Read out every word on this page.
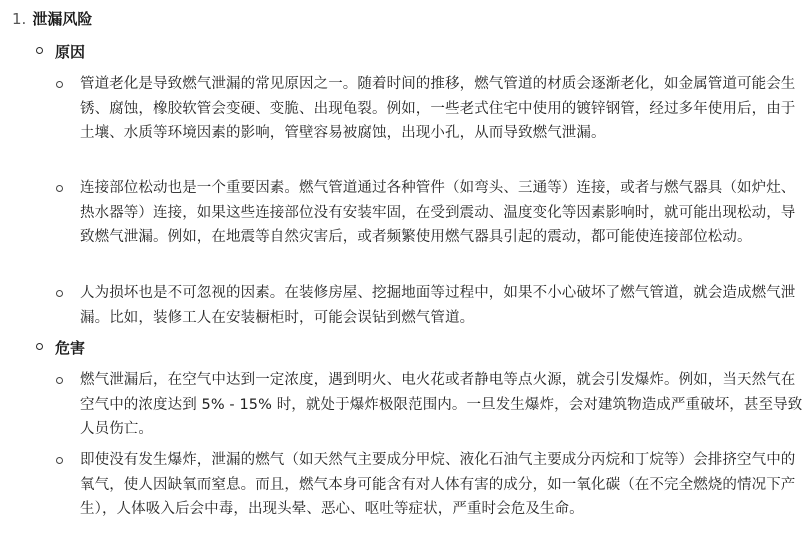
1. 泄漏风险
原因
管道老化是导致燃气泄漏的常见原因之一。随着时间的推移，燃气管道的材质会逐渐老化，如金属管道可能会生锈、腐蚀，橡胶软管会变硬、变脆、出现龟裂。例如，一些老式住宅中使用的镀锌钢管，经过多年使用后，由于土壤、水质等环境因素的影响，管壁容易被腐蚀，出现小孔，从而导致燃气泄漏。
连接部位松动也是一个重要因素。燃气管道通过各种管件（如弯头、三通等）连接，或者与燃气器具（如炉灶、热水器等）连接，如果这些连接部位没有安装牢固，在受到震动、温度变化等因素影响时，就可能出现松动，导致燃气泄漏。例如，在地震等自然灾害后，或者频繁使用燃气器具引起的震动，都可能使连接部位松动。
人为损坏也是不可忽视的因素。在装修房屋、挖掘地面等过程中，如果不小心破坏了燃气管道，就会造成燃气泄漏。比如，装修工人在安装橱柜时，可能会误钻到燃气管道。
危害
燃气泄漏后，在空气中达到一定浓度，遇到明火、电火花或者静电等点火源，就会引发爆炸。例如，当天然气在空气中的浓度达到 5% - 15% 时，就处于爆炸极限范围内。一旦发生爆炸，会对建筑物造成严重破坏，甚至导致人员伤亡。
即使没有发生爆炸，泄漏的燃气（如天然气主要成分甲烷、液化石油气主要成分丙烷和丁烷等）会排挤空气中的氧气，使人因缺氧而窒息。而且，燃气本身可能含有对人体有害的成分，如一氧化碳（在不完全燃烧的情况下产生），人体吸入后会中毒，出现头晕、恶心、呕吐等症状，严重时会危及生命。
